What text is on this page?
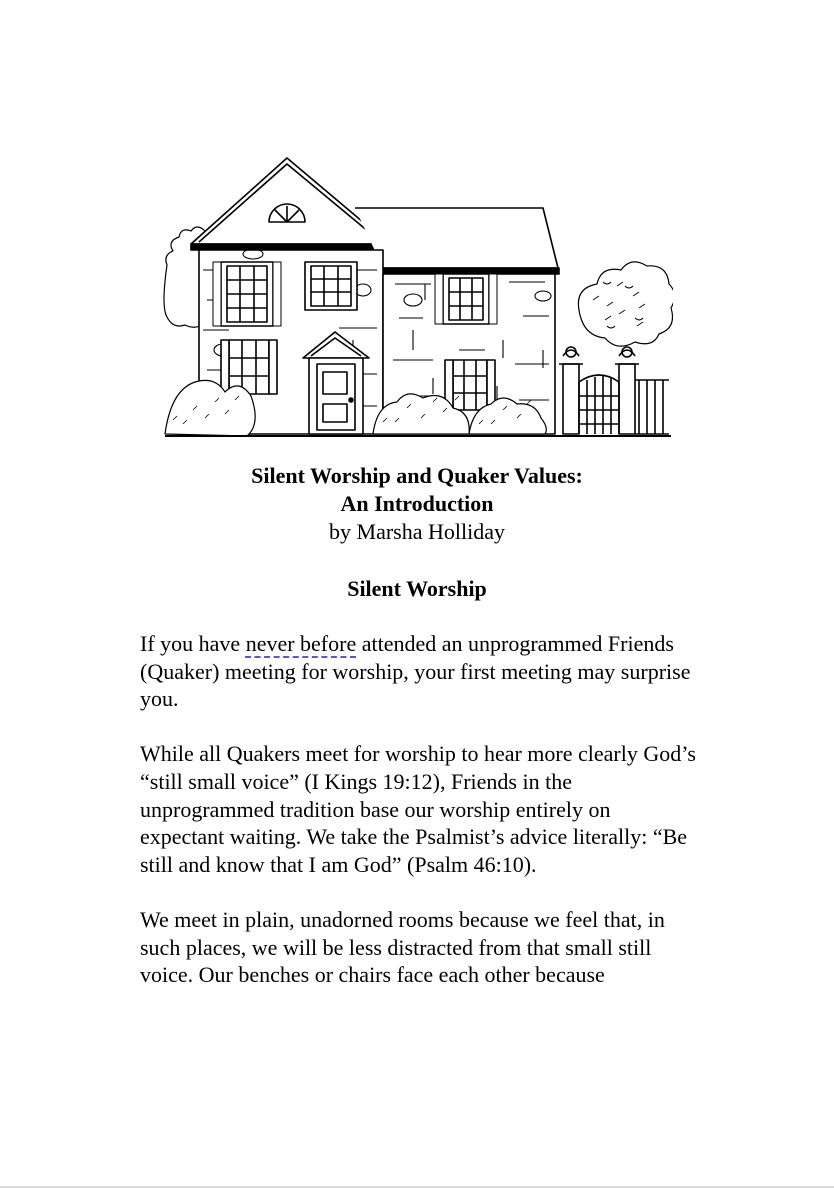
Silent Worship and Quaker Values:
An Introduction
by Marsha Holliday
Silent Worship

If you have never before attended an unprogrammed Friends (Quaker) meeting for worship, your first meeting may surprise you.

While all Quakers meet for worship to hear more clearly God’s “still small voice” (I Kings 19:12), Friends in the unprogrammed tradition base our worship entirely on expectant waiting. We take the Psalmist’s advice literally: “Be still and know that I am God” (Psalm 46:10).

We meet in plain, unadorned rooms because we feel that, in such places, we will be less distracted from that small still voice. Our benches or chairs face each other because
